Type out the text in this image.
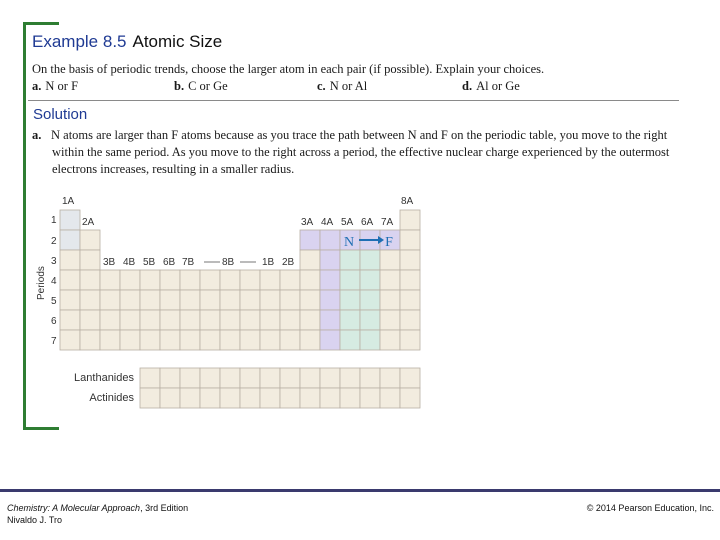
Example 8.5 Atomic Size
On the basis of periodic trends, choose the larger atom in each pair (if possible). Explain your choices.
a. N or F	b. C or Ge	c. N or Al	d. Al or Ge
Solution
a. N atoms are larger than F atoms because as you trace the path between N and F on the periodic table, you move to the right within the same period. As you move to the right across a period, the effective nuclear charge experienced by the outermost electrons increases, resulting in a smaller radius.
1A
2A
3B 4B 5B 6B 7B	8B	1B 2B
3A 4A 5A 6A 7A
8A
Periods
1
2
3
4
5
6
7
N F
Lanthanides
Actinides
Chemistry: A Molecular Approach, 3rd Edition
Nivaldo J. Tro
© 2014 Pearson Education, Inc.
